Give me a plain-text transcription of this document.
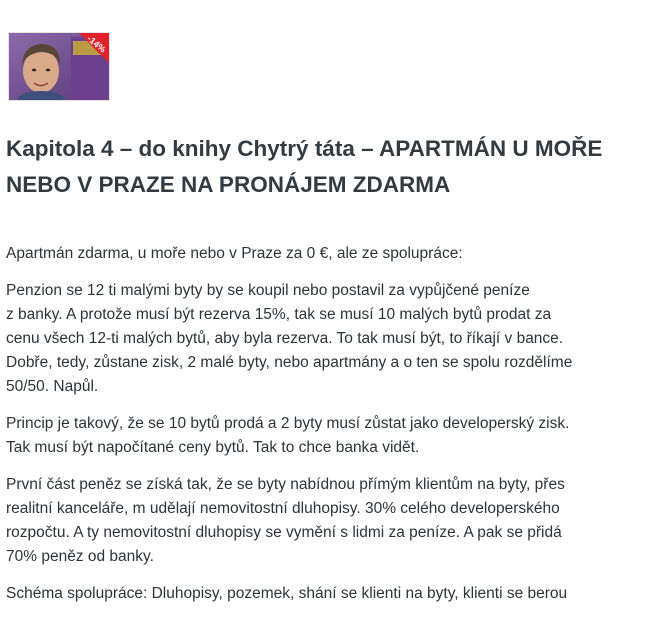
-14%
Kapitola 4 – do knihy Chytrý táta – APARTMÁN U MOŘE
NEBO V PRAZE NA PRONÁJEM ZDARMA

Apartmán zdarma, u moře nebo v Praze za 0 €, ale ze spolupráce:

Penzion se 12 ti malými byty by se koupil nebo postavil za vypůjčené peníze
z banky. A protože musí být rezerva 15%, tak se musí 10 malých bytů prodat za
cenu všech 12-ti malých bytů, aby byla rezerva. To tak musí být, to říkají v bance.
Dobře, tedy, zůstane zisk, 2 malé byty, nebo apartmány a o ten se spolu rozdělíme
50/50. Napůl.

Princip je takový, že se 10 bytů prodá a 2 byty musí zůstat jako developerský zisk.
Tak musí být napočítané ceny bytů. Tak to chce banka vidět.

První část peněz se získá tak, že se byty nabídnou přímým klientům na byty, přes
realitní kanceláře, m udělají nemovitostní dluhopisy. 30% celého developerského
rozpočtu. A ty nemovitostní dluhopisy se vymění s lidmi za peníze. A pak se přidá
70% peněz od banky.

Schéma spolupráce: Dluhopisy, pozemek, shání se klienti na byty, klienti se berou
